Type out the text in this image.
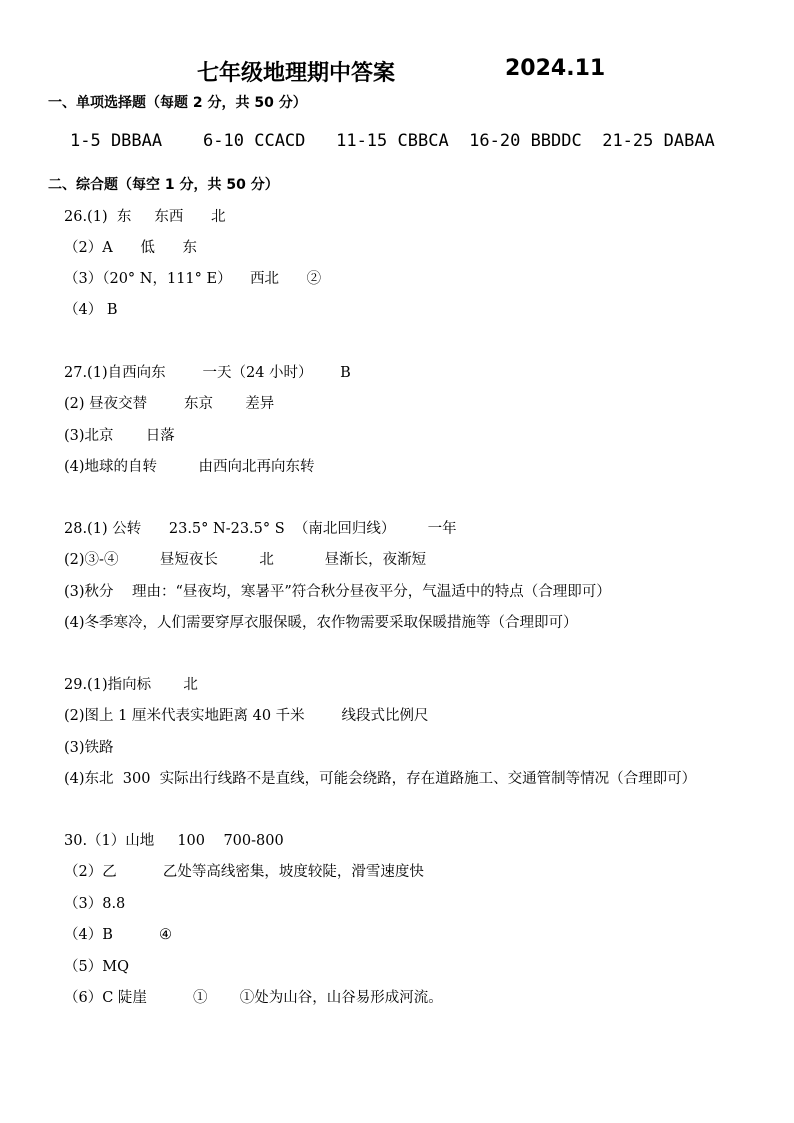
七年级地理期中答案	2024.11
一、单项选择题（每题 2 分，共 50 分）
1-5 DBBAA    6-10 CCACD   11-15 CBBCA  16-20 BBDDC  21-25 DABAA
二、综合题（每空 1 分，共 50 分）
26.(1)  东     东西      北
（2）A      低      东
（3）（20° N，111° E）    西北      ②
（4） B
27.(1)自西向东        一天（24 小时）      B
(2) 昼夜交替        东京       差异
(3)北京       日落
(4)地球的自转         由西向北再向东转
28.(1) 公转      23.5° N-23.5° S  （南北回归线）       一年
(2)③-④         昼短夜长         北           昼渐长，夜渐短
(3)秋分    理由：“昼夜均，寒暑平”符合秋分昼夜平分，气温适中的特点（合理即可）
(4)冬季寒冷，人们需要穿厚衣服保暖，农作物需要采取保暖措施等（合理即可）
29.(1)指向标       北
(2)图上 1 厘米代表实地距离 40 千米        线段式比例尺
(3)铁路
(4)东北  300  实际出行线路不是直线，可能会绕路，存在道路施工、交通管制等情况（合理即可）
30.（1）山地     100    700-800
（2）乙          乙处等高线密集，坡度较陡，滑雪速度快
（3）8.8
（4）B          ④
（5）MQ
（6）C 陡崖          ①       ①处为山谷，山谷易形成河流。
